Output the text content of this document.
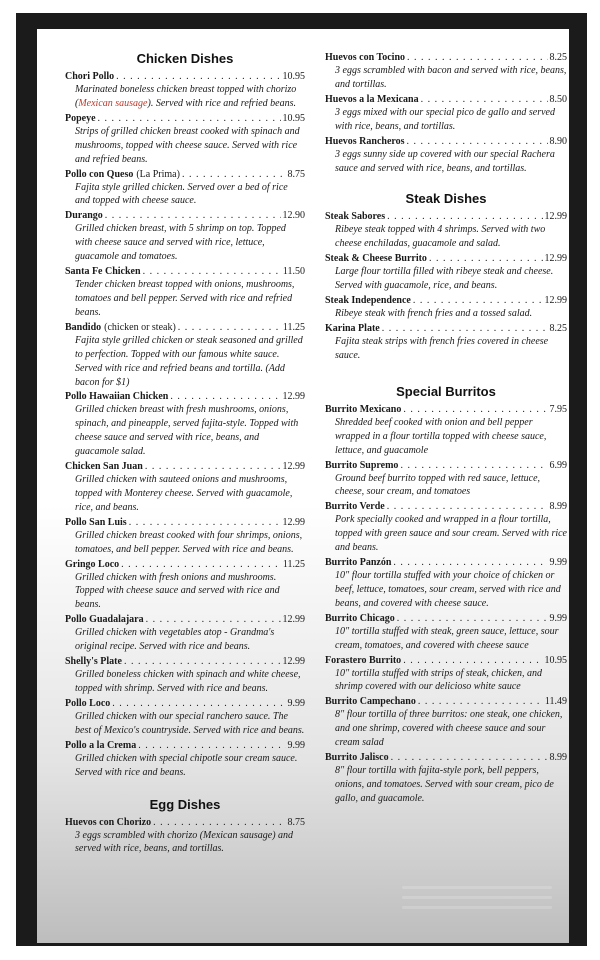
Chicken Dishes
Chori Pollo . . .	10.95
Marinated boneless chicken breast topped with chorizo (Mexican sausage). Served with rice and refried beans.
Popeye . . .	10.95
Strips of grilled chicken breast cooked with spinach and mushrooms, topped with cheese sauce. Served with rice and refried beans.
Pollo con Queso (La Prima) . . .	8.75
Fajita style grilled chicken. Served over a bed of rice and topped with cheese sauce.
Durango . . .	12.90
Grilled chicken breast, with 5 shrimp on top. Topped with cheese sauce and served with rice, lettuce, guacamole and tomatoes.
Santa Fe Chicken . . .	11.50
Tender chicken breast topped with onions, mushrooms, tomatoes and bell pepper. Served with rice and refried beans.
Bandido (chicken or steak) . . .	11.25
Fajita style grilled chicken or steak seasoned and grilled to perfection. Topped with our famous white sauce. Served with rice and refried beans and tortilla. (Add bacon for $1)
Pollo Hawaiian Chicken . . .	12.99
Grilled chicken breast with fresh mushrooms, onions, spinach, and pineapple, served fajita-style. Topped with cheese sauce and served with rice, beans, and guacamole salad.
Chicken San Juan . . .	12.99
Grilled chicken with sauteed onions and mushrooms, topped with Monterey cheese. Served with guacamole, rice, and beans.
Pollo San Luis . . .	12.99
Grilled chicken breast cooked with four shrimps, onions, tomatoes, and bell pepper. Served with rice and beans.
Gringo Loco . . .	11.25
Grilled chicken with fresh onions and mushrooms. Topped with cheese sauce and served with rice and beans.
Pollo Guadalajara . . .	12.99
Grilled chicken with vegetables atop - Grandma's original recipe. Served with rice and beans.
Shelly's Plate . . .	12.99
Grilled boneless chicken with spinach and white cheese, topped with shrimp. Served with rice and beans.
Pollo Loco . . .	9.99
Grilled chicken with our special ranchero sauce. The best of Mexico's countryside. Served with rice and beans.
Pollo a la Crema . . .	9.99
Grilled chicken with special chipotle sour cream sauce. Served with rice and beans.
Egg Dishes
Huevos con Chorizo . . .	8.75
3 eggs scrambled with chorizo (Mexican sausage) and served with rice, beans, and tortillas.
Huevos con Tocino . . .	8.25
3 eggs scrambled with bacon and served with rice, beans, and tortillas.
Huevos a la Mexicana . . .	8.50
3 eggs mixed with our special pico de gallo and served with rice, beans, and tortillas.
Huevos Rancheros . . .	8.90
3 eggs sunny side up covered with our special Rachera sauce and served with rice, beans, and tortillas.
Steak Dishes
Steak Sabores . . .	12.99
Ribeye steak topped with 4 shrimps. Served with two cheese enchiladas, guacamole and salad.
Steak & Cheese Burrito . . .	12.99
Large flour tortilla filled with ribeye steak and cheese. Served with guacamole, rice, and beans.
Steak Independence . . .	12.99
Ribeye steak with french fries and a tossed salad.
Karina Plate . . .	8.25
Fajita steak strips with french fries covered in cheese sauce.
Special Burritos
Burrito Mexicano . . .	7.95
Shredded beef cooked with onion and bell pepper wrapped in a flour tortilla topped with cheese sauce, lettuce, and guacamole
Burrito Supremo . . .	6.99
Ground beef burrito topped with red sauce, lettuce, cheese, sour cream, and tomatoes
Burrito Verde . . .	8.99
Pork specially cooked and wrapped in a flour tortilla, topped with green sauce and sour cream. Served with rice and beans.
Burrito Panzón . . .	9.99
10" flour tortilla stuffed with your choice of chicken or beef, lettuce, tomatoes, sour cream, served with rice and beans, and covered with cheese sauce.
Burrito Chicago . . .	9.99
10" tortilla stuffed with steak, green sauce, lettuce, sour cream, tomatoes, and covered with cheese sauce
Forastero Burrito . . .	10.95
10" tortilla stuffed with strips of steak, chicken, and shrimp covered with our delicioso white sauce
Burrito Campechano . . .	11.49
8" flour tortilla of three burritos: one steak, one chicken, and one shrimp, covered with cheese sauce and sour cream salad
Burrito Jalisco . . .	8.99
8" flour tortilla with fajita-style pork, bell peppers, onions, and tomatoes. Served with sour cream, pico de gallo, and guacamole.
